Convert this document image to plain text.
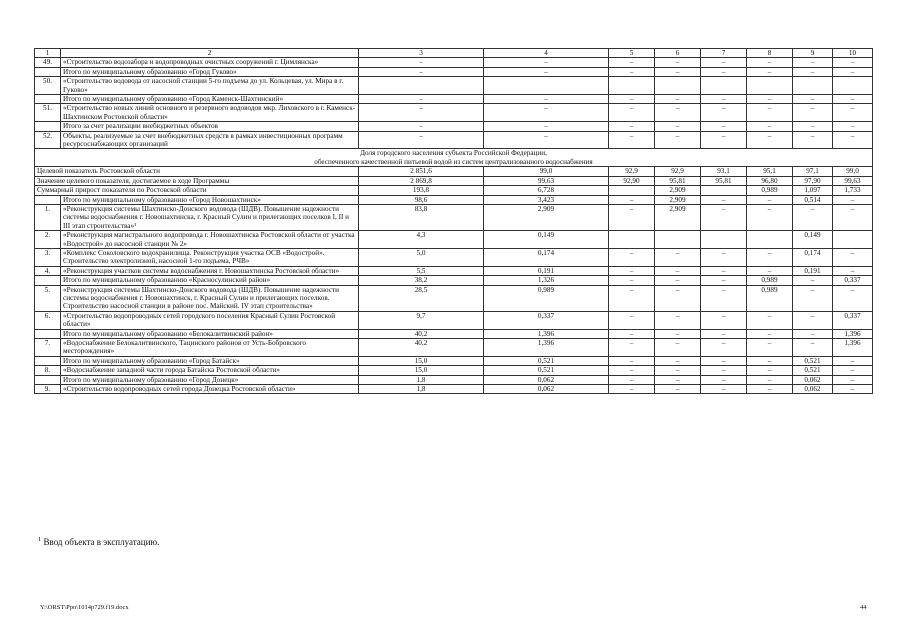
1	2	3	4	5	6	7	8	9	10
49.	«Строительство водозабора и водопроводных очистных сооружений г. Цимлянска»	–	–	–	–	–	–	–	–
	Итого по муниципальному образованию «Город Гуково»	–	–	–	–	–	–	–	–
50.	«Строительство водовода от насосной станции 5-го подъема до ул. Кольцевая, ул. Мира в г. Гуково»								
	Итого по муниципальному образованию «Город Каменск-Шахтинский»	–	–	–	–	–	–	–	–
51.	«Строительство новых линий основного и резервного водоводов мкр. Лиховского в г. Каменск-Шахтинском Ростовской области»	–	–	–	–	–	–	–	–
	Итого за счет реализации внебюджетных объектов	–	–	–	–	–	–	–	–
52.	Объекты, реализуемые за счет внебюджетных средств в рамках инвестиционных программ ресурсоснабжающих организаций	–	–	–	–	–	–	–	–
Доля городского населения субъекта Российской Федерации,
обеспеченного качественной питьевой водой из систем централизованного водоснабжения									
Целевой показатель Ростовской области		2 851,6	99,0	92,9	92,9	93,1	95,1	97,1	99,0
Значение целевого показателя, достигаемое в ходе Программы		2 869,8	99,63	92,90	95,81	95,81	96,80	97,90	99,63
Суммарный прирост показателя по Ростовской области		193,8	6,728		2,909		0,989	1,097	1,733
	Итого по муниципальному образованию «Город Новошахтинск»	98,6	3,423	–	2,909	–	–	0,514	–
1.	«Реконструкция системы Шахтинско-Донского водовода (ШДВ). Повышение надежности системы водоснабжения г. Новошахтинска, г. Красный Сулин и прилегающих поселков I, II и III этап строительства»¹	83,8	2,909	–	2,909	–	–	–	–
2.	«Реконструкция магистрального водопровода г. Новошахтинска Ростовской области от участка «Водострой» до насосной станции № 2»	4,3	0,149					0,149	
3.	«Комплекс Соколовского водохранилища. Реконструкция участка ОСВ «Водострой». Строительство электролизной, насосной 1-го подъема, РЧВ»	5,0	0,174	–	–	–	–	0,174	–
4.	«Реконструкция участков системы водоснабжения г. Новошахтинска Ростовской области»	5,5	0,191	–	–	–	–	0,191	–
	Итого по муниципальному образованию «Красносулинский район»	38,2	1,326	–	–	–	0,989	–	0,337
5.	«Реконструкция системы Шахтинско-Донского водовода (ШДВ). Повышение надежности системы водоснабжения г. Новошахтинск, г. Красный Сулин и прилегающих поселков. Строительство насосной станции в районе пос. Майский. IV этап строительства»	28,5	0,989	–	–	–	0,989	–	–
6.	«Строительство водопроводных сетей городского поселения Красный Сулин Ростовской области»	9,7	0,337	–	–	–	–	–	0,337
	Итого по муниципальному образованию «Белокалитвинский район»	40,2	1,396	–	–	–	–	–	1,396
7.	«Водоснабжение Белокалитвинского, Тацинского районов от Усть-Бобровского месторождения»	40,2	1,396	–	–	–	–	–	1,396
	Итого по муниципальному образованию «Город Батайск»	15,0	0,521	–	–	–	–	0,521	–
8.	«Водоснабжение западной части города Батайска Ростовской области»	15,0	0,521	–	–	–	–	0,521	–
	Итого по муниципальному образованию «Город Донецк»	1,8	0,062	–	–	–	–	0,062	–
9.	«Строительство водопроводных сетей города Донецка Ростовской области»	1,8	0,062	–	–	–	–	0,062	–
$^1$ Ввод объекта в эксплуатацию.
Y:\ORST\Ppo\1014p729.f19.docx	44
